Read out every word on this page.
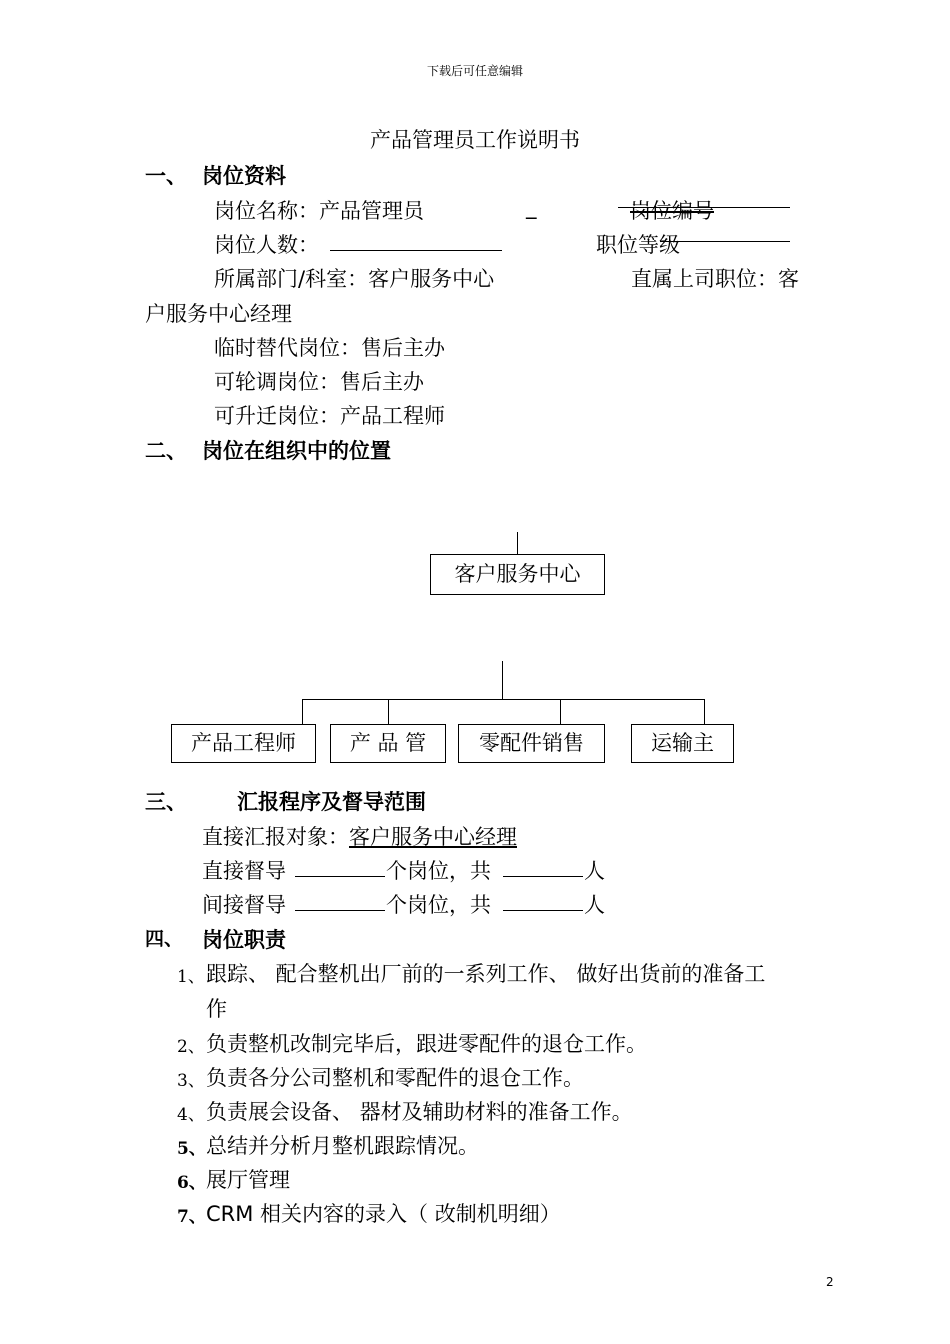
下载后可任意编辑
产品管理员工作说明书
一、 岗位资料
岗位名称：产品管理员	_	岗位编号
岗位人数：	职位等级
所属部门/科室：客户服务中心	直属上司职位：客
户服务中心经理
临时替代岗位：售后主办
可轮调岗位：售后主办
可升迁岗位：产品工程师
二、 岗位在组织中的位置
客户服务中心
产品工程师	产 品 管	零配件销售	运输主
三、 汇报程序及督导范围
直接汇报对象：客户服务中心经理
直接督导	个岗位，共	人
间接督导	个岗位，共	人
四、 岗位职责
1、 跟踪、 配合整机出厂前的一系列工作、 做好出货前的准备工
作
2、 负责整机改制完毕后，跟进零配件的退仓工作。
3、 负责各分公司整机和零配件的退仓工作。
4、 负责展会设备、 器材及辅助材料的准备工作。
5、 总结并分析月整机跟踪情况。
6、 展厅管理
7、 CRM 相关内容的录入（ 改制机明细）
2
